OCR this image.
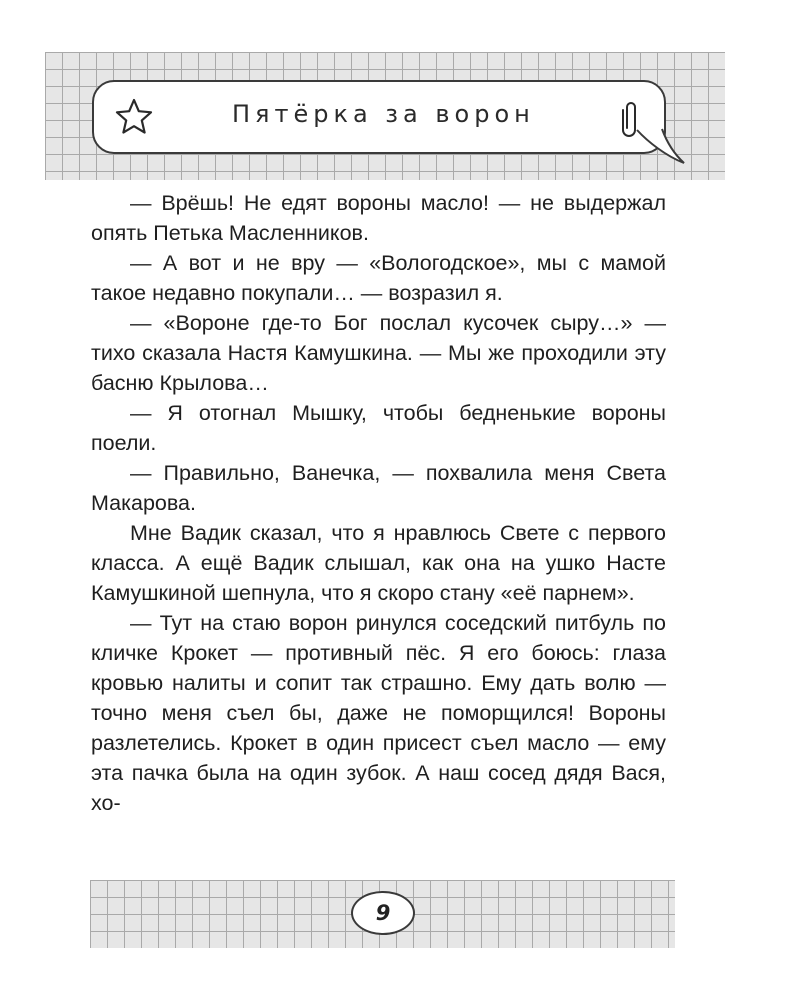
Пятёрка за ворон

— Врёшь! Не едят вороны масло! — не выдержал опять Петька Масленников.

— А вот и не вру — «Вологодское», мы с мамой такое недавно покупали… — возразил я.

— «Вороне где-то Бог послал кусочек сыру…» — тихо сказала Настя Камушкина. — Мы же проходили эту басню Крылова…

— Я отогнал Мышку, чтобы бедненькие вороны поели.

— Правильно, Ванечка, — похвалила меня Света Макарова.

Мне Вадик сказал, что я нравлюсь Свете с первого класса. А ещё Вадик слышал, как она на ушко Насте Камушкиной шепнула, что я скоро стану «её парнем».

— Тут на стаю ворон ринулся соседский питбуль по кличке Крокет — противный пёс. Я его боюсь: глаза кровью налиты и сопит так страшно. Ему дать волю — точно меня съел бы, даже не поморщился! Вороны разлетелись. Крокет в один присест съел масло — ему эта пачка была на один зубок. А наш сосед дядя Вася, хо-

9
